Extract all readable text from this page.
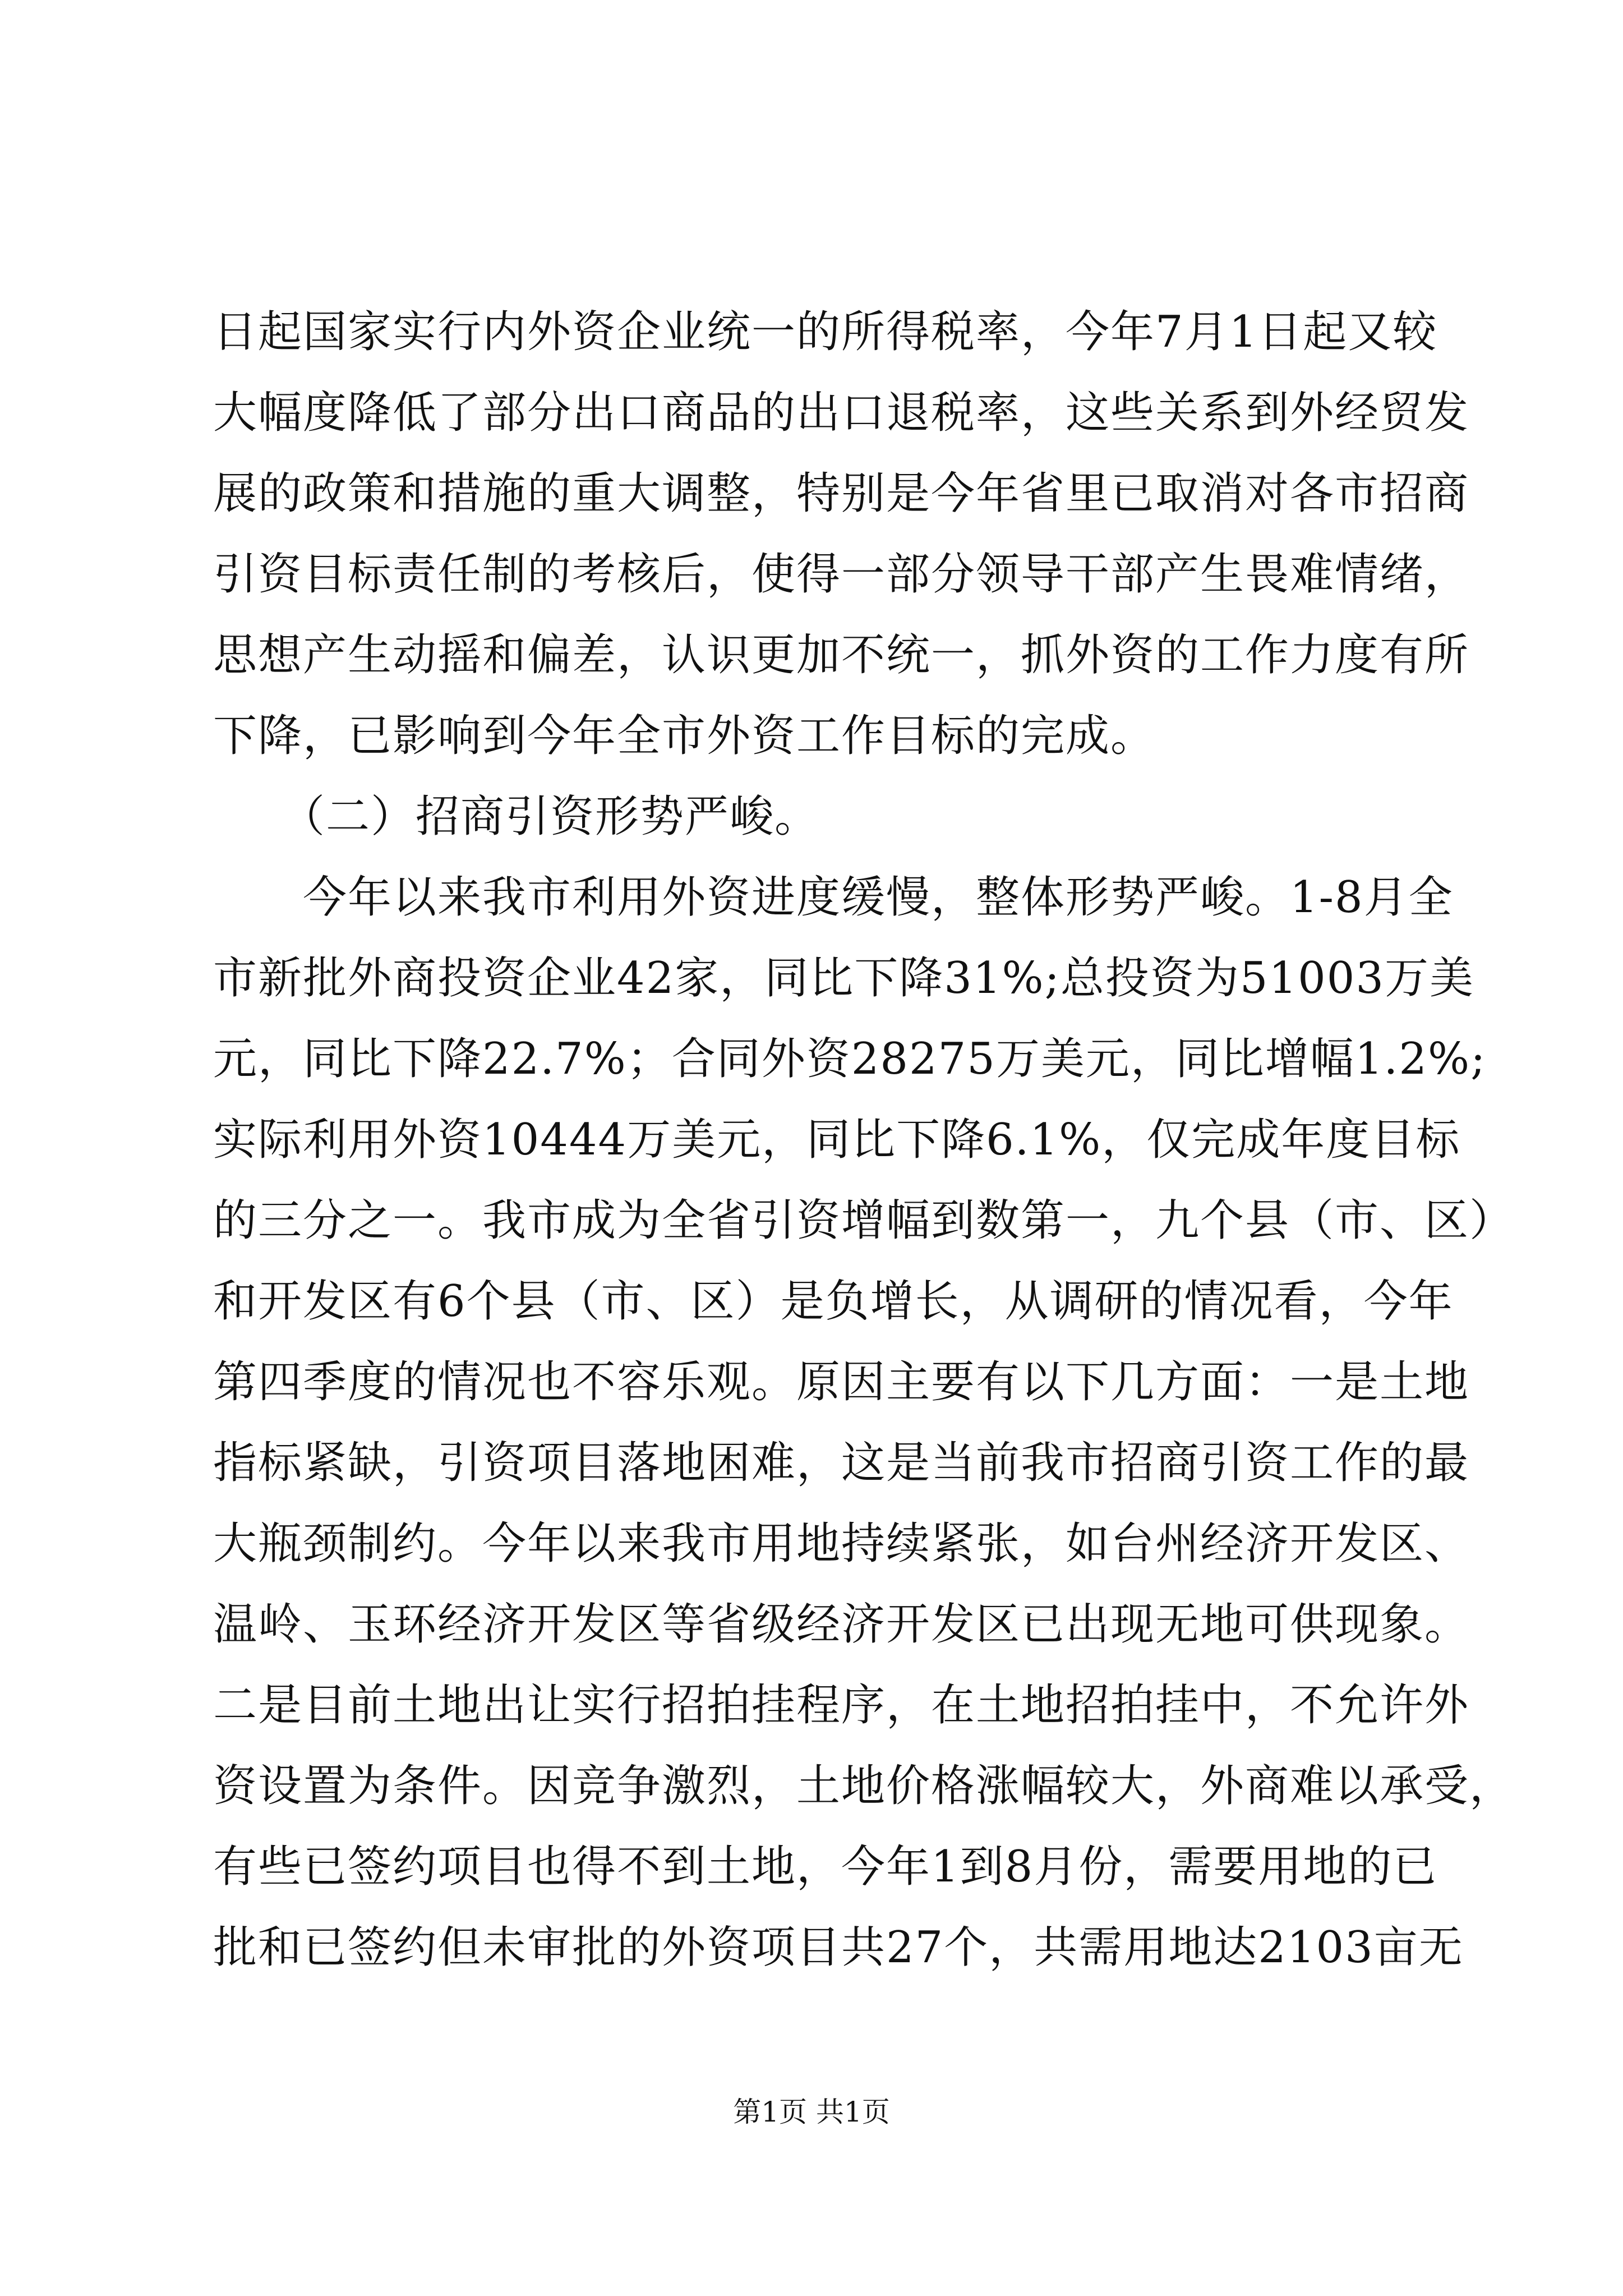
日起国家实行内外资企业统一的所得税率，今年7月1日起又较
大幅度降低了部分出口商品的出口退税率，这些关系到外经贸发
展的政策和措施的重大调整，特别是今年省里已取消对各市招商
引资目标责任制的考核后，使得一部分领导干部产生畏难情绪，
思想产生动摇和偏差，认识更加不统一，抓外资的工作力度有所
下降，已影响到今年全市外资工作目标的完成。
　　（二）招商引资形势严峻。
　　今年以来我市利用外资进度缓慢，整体形势严峻。1-8月全
市新批外商投资企业42家，同比下降31%;总投资为51003万美
元，同比下降22.7%；合同外资28275万美元，同比增幅1.2%;
实际利用外资10444万美元，同比下降6.1%，仅完成年度目标
的三分之一。我市成为全省引资增幅到数第一，九个县（市、区）
和开发区有6个县（市、区）是负增长，从调研的情况看，今年
第四季度的情况也不容乐观。原因主要有以下几方面：一是土地
指标紧缺，引资项目落地困难，这是当前我市招商引资工作的最
大瓶颈制约。今年以来我市用地持续紧张，如台州经济开发区、
温岭、玉环经济开发区等省级经济开发区已出现无地可供现象。
二是目前土地出让实行招拍挂程序，在土地招拍挂中，不允许外
资设置为条件。因竞争激烈，土地价格涨幅较大，外商难以承受，
有些已签约项目也得不到土地，今年1到8月份，需要用地的已
批和已签约但未审批的外资项目共27个，共需用地达2103亩无
第1页 共1页
